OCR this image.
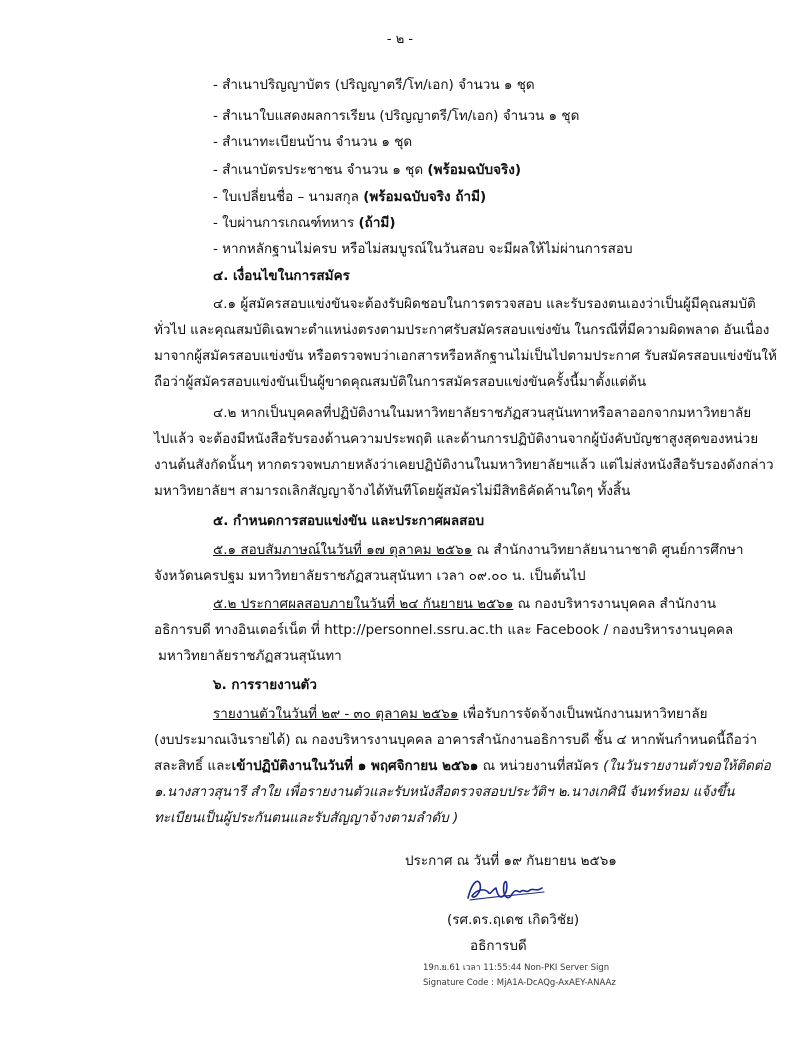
- ๒ -
- สำเนาปริญญาบัตร (ปริญญาตรี/โท/เอก) จำนวน ๑ ชุด
- สำเนาใบแสดงผลการเรียน (ปริญญาตรี/โท/เอก) จำนวน ๑ ชุด
- สำเนาทะเบียนบ้าน จำนวน ๑ ชุด
- สำเนาบัตรประชาชน จำนวน ๑ ชุด (พร้อมฉบับจริง)
- ใบเปลี่ยนชื่อ – นามสกุล (พร้อมฉบับจริง ถ้ามี)
- ใบผ่านการเกณฑ์ทหาร (ถ้ามี)
- หากหลักฐานไม่ครบ หรือไม่สมบูรณ์ในวันสอบ จะมีผลให้ไม่ผ่านการสอบ
๔. เงื่อนไขในการสมัคร
๔.๑ ผู้สมัครสอบแข่งขันจะต้องรับผิดชอบในการตรวจสอบ และรับรองตนเองว่าเป็นผู้มีคุณสมบัติ
ทั่วไป และคุณสมบัติเฉพาะตำแหน่งตรงตามประกาศรับสมัครสอบแข่งขัน ในกรณีที่มีความผิดพลาด อันเนื่อง
มาจากผู้สมัครสอบแข่งขัน หรือตรวจพบว่าเอกสารหรือหลักฐานไม่เป็นไปตามประกาศ รับสมัครสอบแข่งขันให้
ถือว่าผู้สมัครสอบแข่งขันเป็นผู้ขาดคุณสมบัติในการสมัครสอบแข่งขันครั้งนี้มาตั้งแต่ต้น
๔.๒ หากเป็นบุคคลที่ปฏิบัติงานในมหาวิทยาลัยราชภัฏสวนสุนันทาหรือลาออกจากมหาวิทยาลัย
ไปแล้ว จะต้องมีหนังสือรับรองด้านความประพฤติ และด้านการปฏิบัติงานจากผู้บังคับบัญชาสูงสุดของหน่วย
งานต้นสังกัดนั้นๆ หากตรวจพบภายหลังว่าเคยปฏิบัติงานในมหาวิทยาลัยฯแล้ว แต่ไม่ส่งหนังสือรับรองดังกล่าว
มหาวิทยาลัยฯ สามารถเลิกสัญญาจ้างได้ทันทีโดยผู้สมัครไม่มีสิทธิคัดค้านใดๆ ทั้งสิ้น
๕. กำหนดการสอบแข่งขัน และประกาศผลสอบ
๕.๑ สอบสัมภาษณ์ในวันที่ ๑๗ ตุลาคม ๒๕๖๑ ณ สำนักงานวิทยาลัยนานาชาติ ศูนย์การศึกษา
จังหวัดนครปฐม มหาวิทยาลัยราชภัฏสวนสุนันทา เวลา ๐๙.๐๐ น. เป็นต้นไป
๕.๒ ประกาศผลสอบภายในวันที่ ๒๔ กันยายน ๒๕๖๑ ณ กองบริหารงานบุคคล สำนักงาน
อธิการบดี ทางอินเตอร์เน็ต ที่ http://personnel.ssru.ac.th และ Facebook / กองบริหารงานบุคคล
มหาวิทยาลัยราชภัฏสวนสุนันทา
๖. การรายงานตัว
รายงานตัวในวันที่ ๒๙ - ๓๐ ตุลาคม ๒๕๖๑ เพื่อรับการจัดจ้างเป็นพนักงานมหาวิทยาลัย
(งบประมาณเงินรายได้) ณ กองบริหารงานบุคคล อาคารสำนักงานอธิการบดี ชั้น ๔ หากพ้นกำหนดนี้ถือว่า
สละสิทธิ์ และเข้าปฏิบัติงานในวันที่ ๑ พฤศจิกายน ๒๕๖๑ ณ หน่วยงานที่สมัคร (ในวันรายงานตัวขอให้ติดต่อ
๑.นางสาวสุนารี สำใย เพื่อรายงานตัวและรับหนังสือตรวจสอบประวัติฯ ๒.นางเกศินี จันทร์หอม แจ้งขึ้น
ทะเบียนเป็นผู้ประกันตนและรับสัญญาจ้างตามลำดับ )
ประกาศ ณ วันที่ ๑๙ กันยายน ๒๕๖๑
(รศ.ดร.ฤเดช เกิดวิชัย)
อธิการบดี
19ก.ย.61 เวลา 11:55:44 Non-PKI Server Sign
Signature Code : MjA1A-DcAQg-AxAEY-ANAAz
